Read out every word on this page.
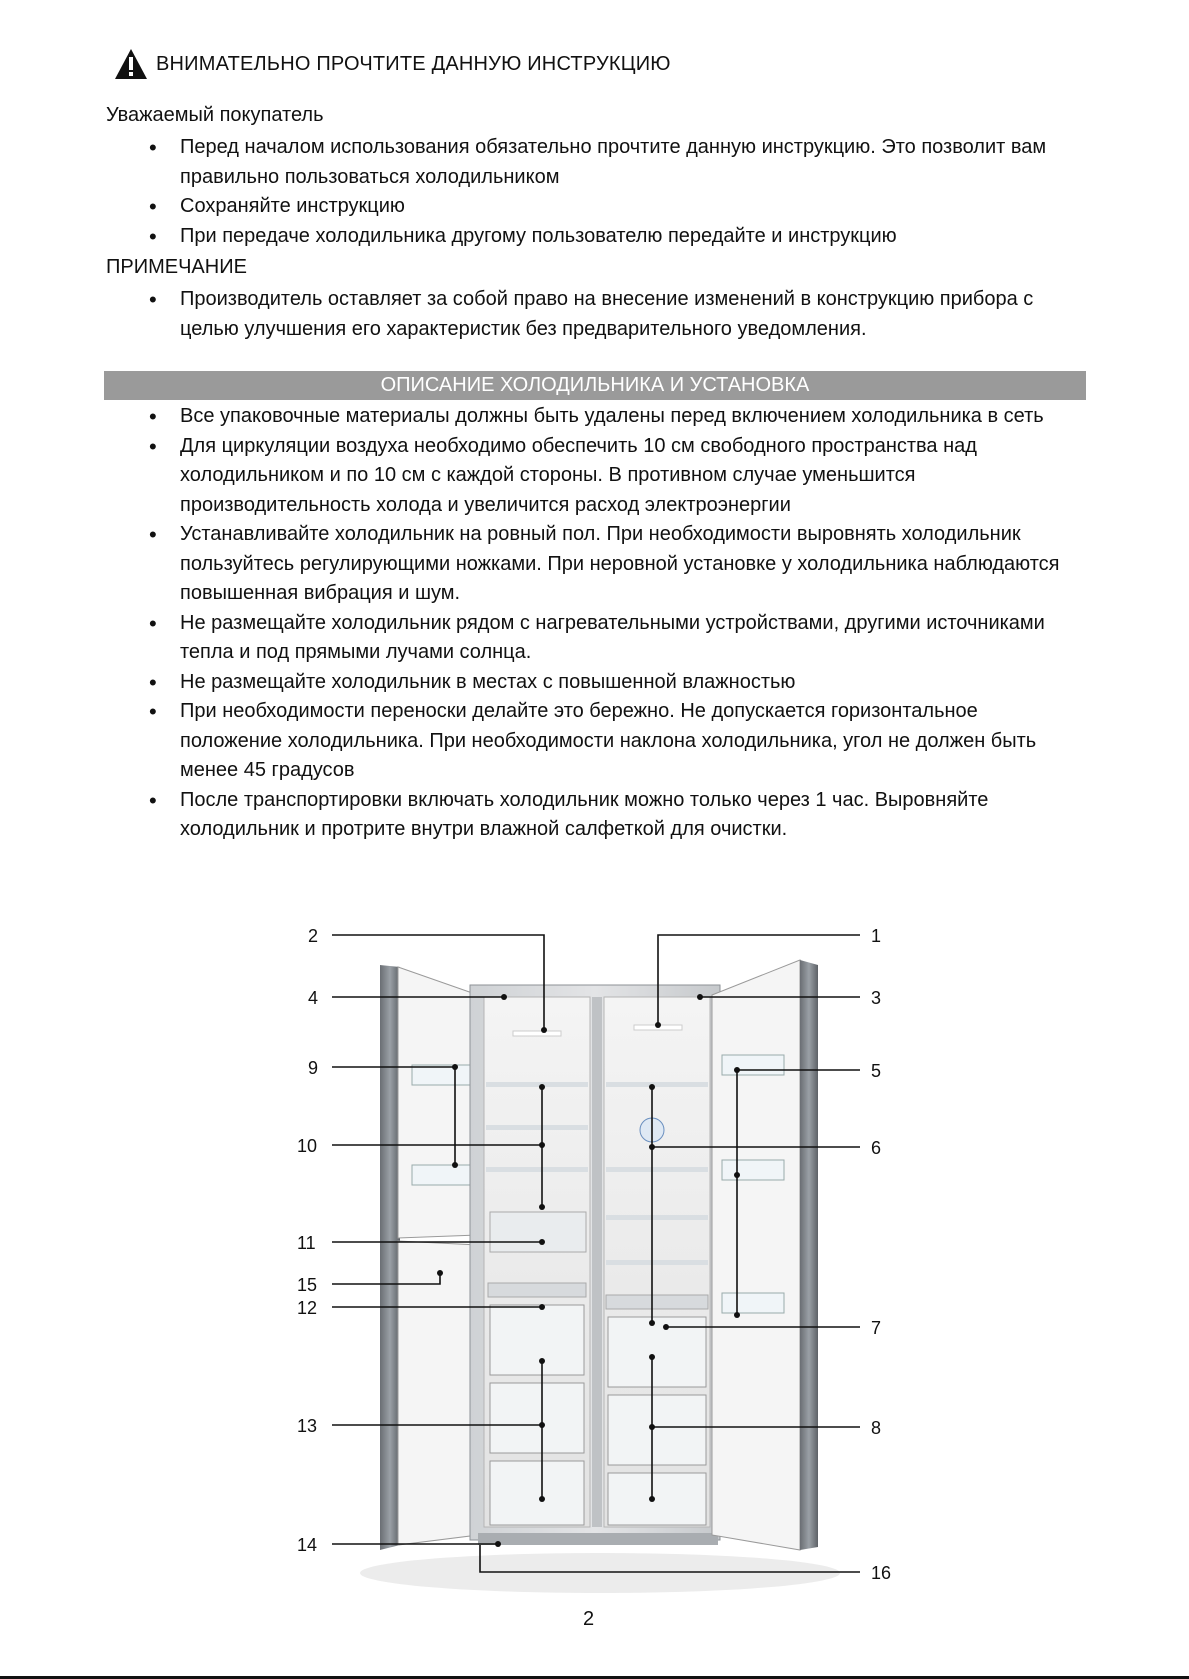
ВНИМАТЕЛЬНО ПРОЧТИТЕ ДАННУЮ ИНСТРУКЦИЮ
Уважаемый покупатель
• Перед началом использования обязательно прочтите данную инструкцию. Это позволит вам правильно пользоваться холодильником
• Сохраняйте инструкцию
• При передаче холодильника другому пользователю передайте и инструкцию
ПРИМЕЧАНИЕ
• Производитель оставляет за собой право на внесение изменений в конструкцию прибора с целью улучшения его характеристик без предварительного уведомления.
ОПИСАНИЕ ХОЛОДИЛЬНИКА И УСТАНОВКА
• Все упаковочные материалы должны быть удалены перед включением холодильника в сеть
• Для циркуляции воздуха необходимо обеспечить 10 см свободного пространства над холодильником и по 10 см с каждой стороны. В противном случае уменьшится производительность холода и увеличится расход электроэнергии
• Устанавливайте холодильник на ровный пол. При необходимости выровнять холодильник пользуйтесь регулирующими ножками. При неровной установке у холодильника наблюдаются повышенная вибрация и шум.
• Не размещайте холодильник рядом с нагревательными устройствами, другими источниками тепла и под прямыми лучами солнца.
• Не размещайте холодильник в местах с повышенной влажностью
• При необходимости переноски делайте это бережно. Не допускается горизонтальное положение холодильника. При необходимости наклона холодильника, угол не должен быть менее 45 градусов
• После транспортировки включать холодильник можно только через 1 час. Выровняйте холодильник и протрите внутри влажной салфеткой для очистки.
2
4
9
10
11
15
12
13
14
1
3
5
6
7
8
16
2
